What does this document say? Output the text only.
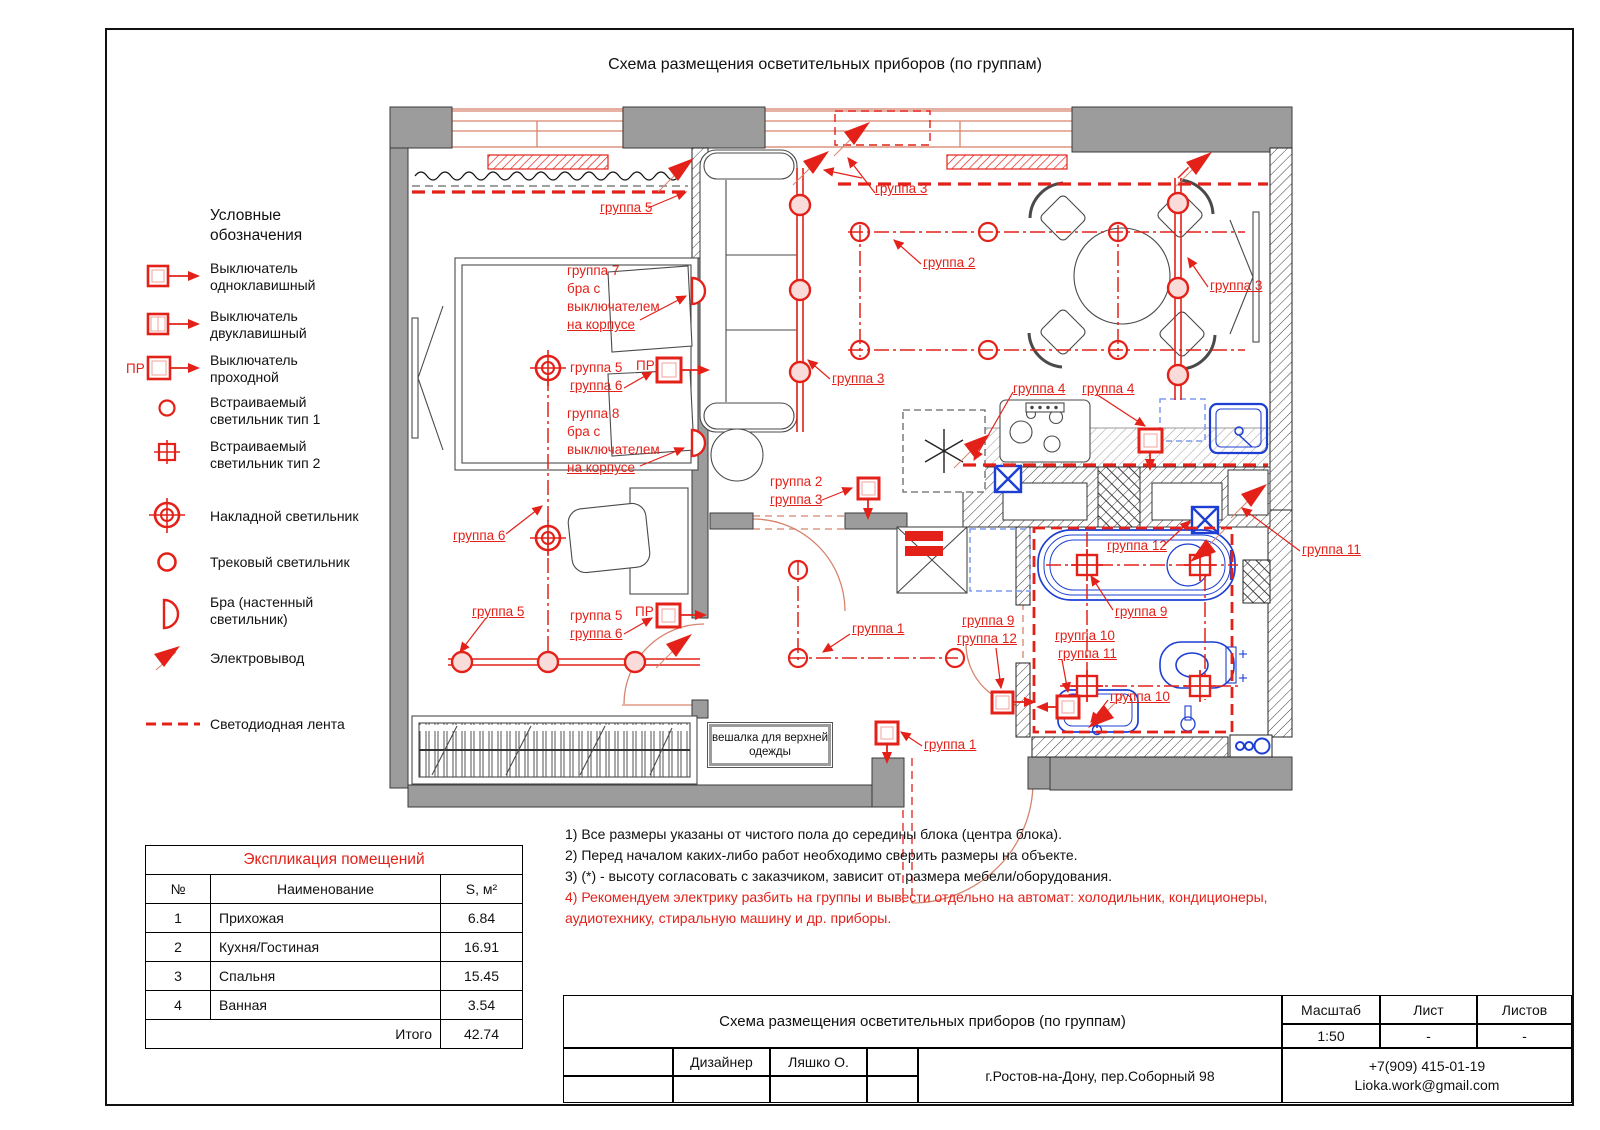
Схема размещения осветительных приборов (по группам)
группа 5
группа 7
бра с
выключателем
на корпусе
группа 5
группа 6
ПР
группа 8
бра с
выключателем
на корпусе
группа 6
группа 5	группа 5
группа 6
ПР
группа 3
группа 2
группа 3
группа 3
группа 4 группа 4
группа 2
группа 3
группа 12	группа 11
группа 9
группа 9
группа 12
группа 1	группа 10
группа 11
группа 10
группа 1
вешалка для верхней
одежды
Условные
обозначения
Выключатель
одноклавишный
Выключатель
двуклавишный
ПР
Выключатель
проходной
Встраиваемый
светильник тип 1
Встраиваемый
светильник тип 2
Накладной светильник
Трековый светильник
Бра (настенный
светильник)
Электровывод
Светодиодная лента
Экспликация помещений		
№	Наименование	S, м²
1	Прихожая	6.84
2	Кухня/Гостиная	16.91
3	Спальня	15.45
4	Ванная	3.54
Итого		42.74
1) Все размеры указаны от чистого пола до середины блока (центра блока).
2) Перед началом каких-либо работ необходимо сверить размеры на объекте.
3) (*) - высоту согласовать с заказчиком, зависит от размера мебели/оборудования.
4) Рекомендуем электрику разбить на группы и вывести отдельно на автомат: холодильник, кондиционеры,
аудиотехнику, стиральную машину и др. приборы.
Схема размещения осветительных приборов (по группам)
Масштаб	Лист	Листов
1:50	-	-
Дизайнер	Ляшко О.
г.Ростов-на-Дону, пер.Соборный 98
+7(909) 415-01-19
Lioka.work@gmail.com
